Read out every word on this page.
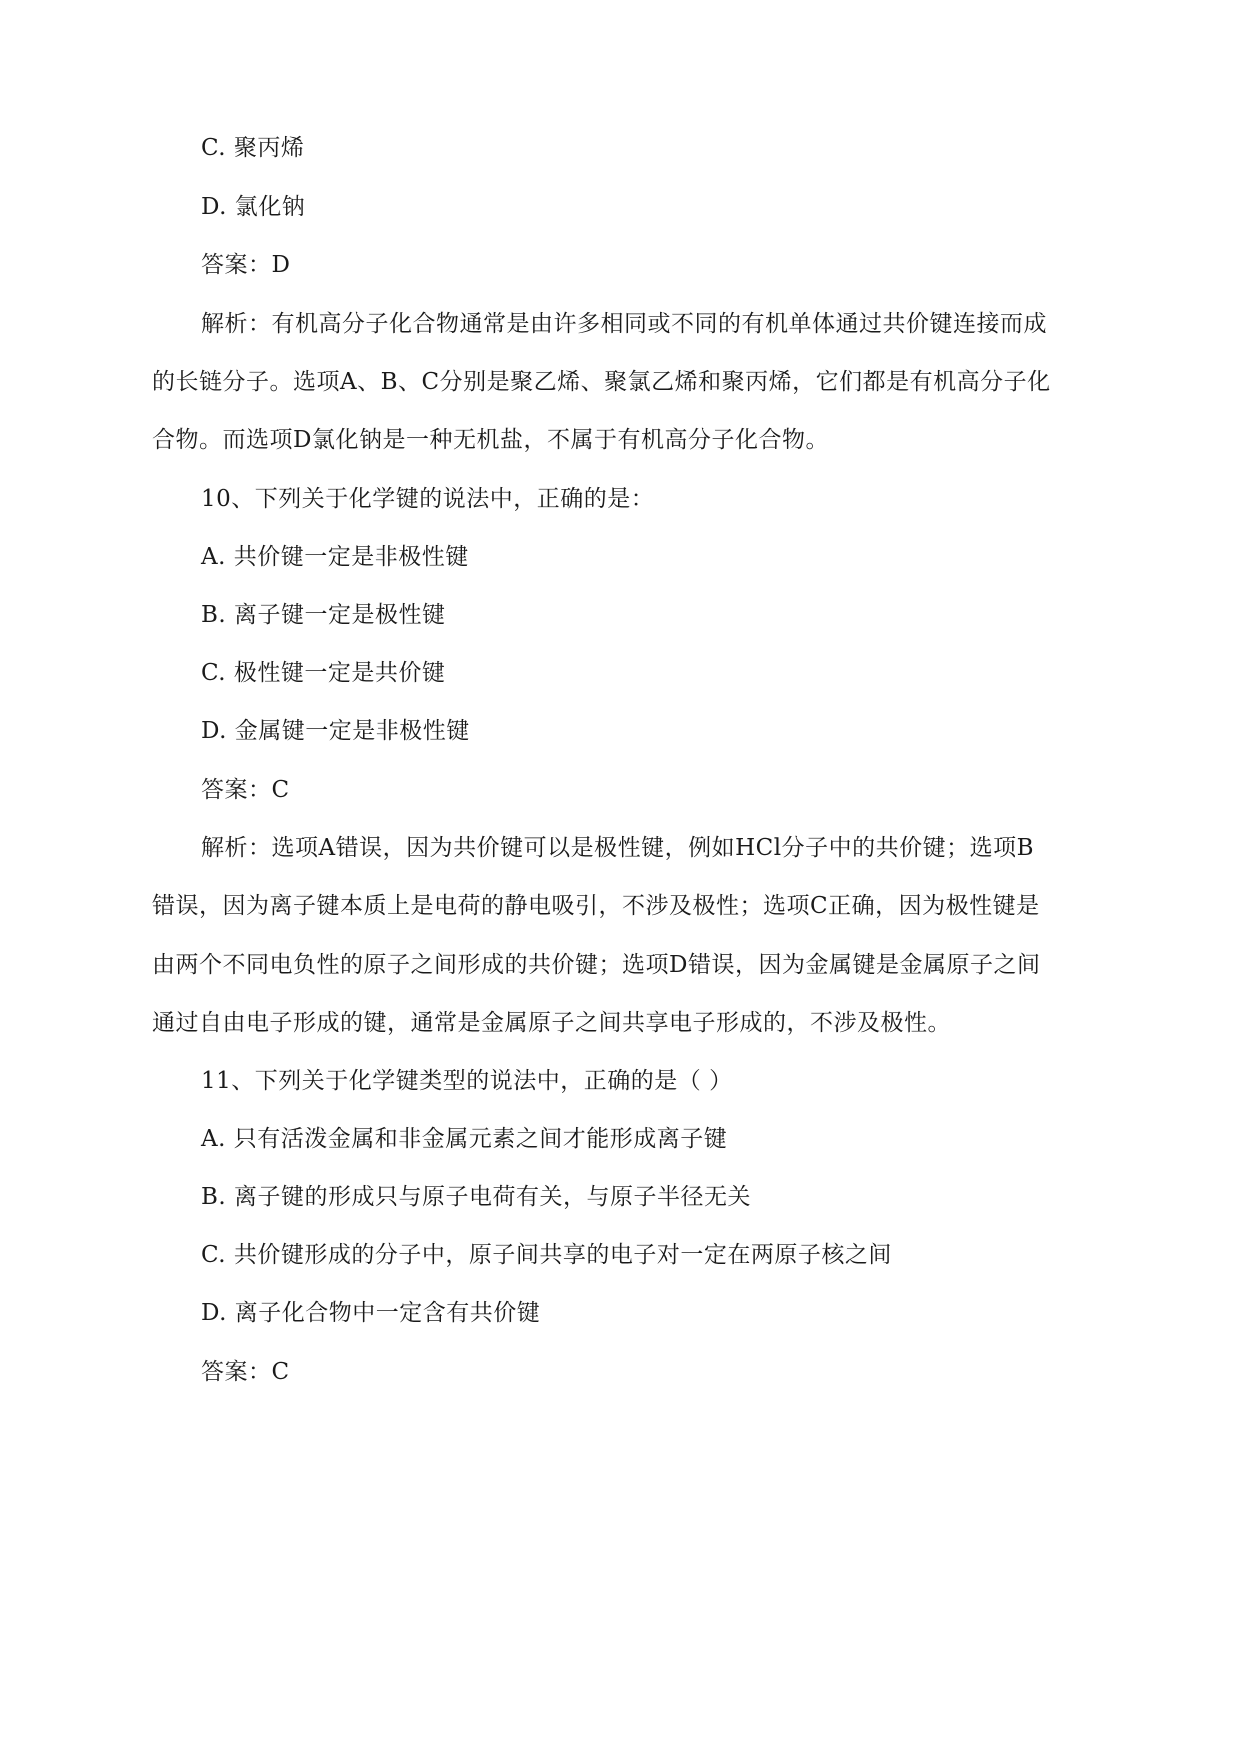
C. 聚丙烯
D. 氯化钠
答案：D
解析：有机高分子化合物通常是由许多相同或不同的有机单体通过共价键连接而成
的长链分子。选项A、B、C分别是聚乙烯、聚氯乙烯和聚丙烯，它们都是有机高分子化
合物。而选项D氯化钠是一种无机盐，不属于有机高分子化合物。
10、下列关于化学键的说法中，正确的是：
A. 共价键一定是非极性键
B. 离子键一定是极性键
C. 极性键一定是共价键
D. 金属键一定是非极性键
答案：C
解析：选项A错误，因为共价键可以是极性键，例如HCl分子中的共价键；选项B
错误，因为离子键本质上是电荷的静电吸引，不涉及极性；选项C正确，因为极性键是
由两个不同电负性的原子之间形成的共价键；选项D错误，因为金属键是金属原子之间
通过自由电子形成的键，通常是金属原子之间共享电子形成的，不涉及极性。
11、下列关于化学键类型的说法中，正确的是（ ）
A. 只有活泼金属和非金属元素之间才能形成离子键
B. 离子键的形成只与原子电荷有关，与原子半径无关
C. 共价键形成的分子中，原子间共享的电子对一定在两原子核之间
D. 离子化合物中一定含有共价键
答案：C
